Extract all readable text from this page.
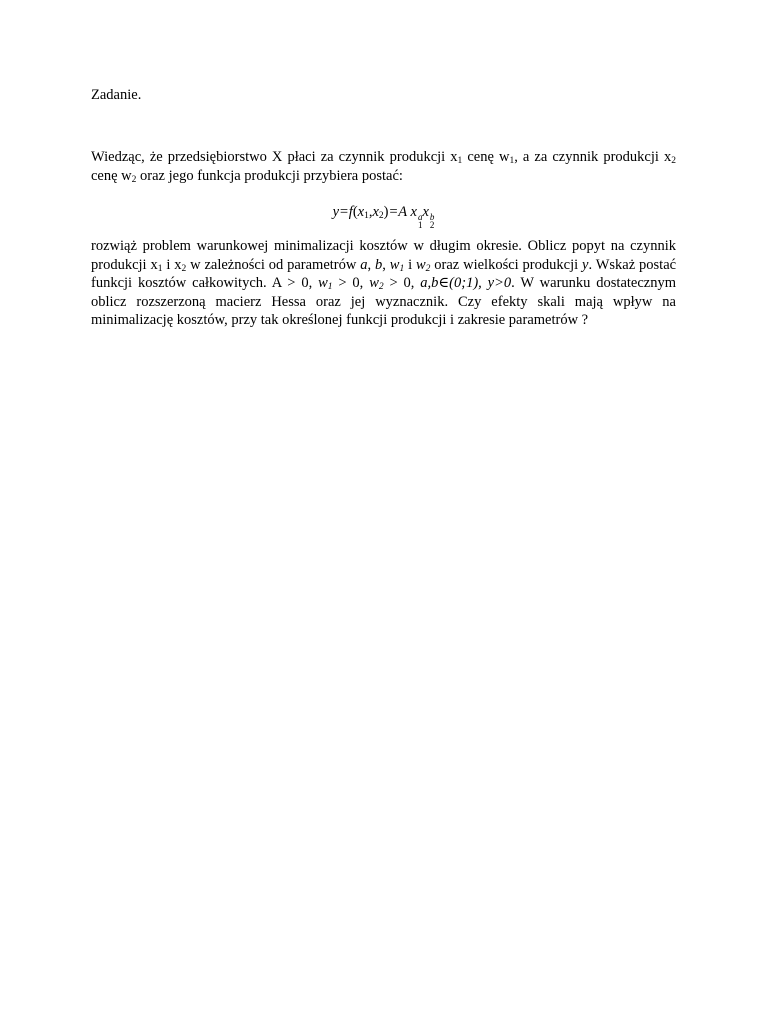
Zadanie.

Wiedząc, że przedsiębiorstwo X płaci za czynnik produkcji $x_1$ cenę $w_1$, a za czynnik produkcji $x_2$ cenę $w_2$ oraz jego funkcja produkcji przybiera postać:

$y=f(x_1,x_2)=A$ x a
1
x b
2

rozwiąż problem warunkowej minimalizacji kosztów w długim okresie. Oblicz popyt na czynnik produkcji $x_1$ i $x_2$ w zależności od parametrów a, b, $w_1$ i $w_2$ oraz wielkości produkcji y. Wskaż postać funkcji kosztów całkowitych. A > 0, $w_1 > 0$, $w_2 > 0$, a,b∈(0;1), y>0. W warunku dostatecznym oblicz rozszerzoną macierz Hessa oraz jej wyznacznik. Czy efekty skali mają wpływ na minimalizację kosztów, przy tak określonej funkcji produkcji i zakresie parametrów ?
